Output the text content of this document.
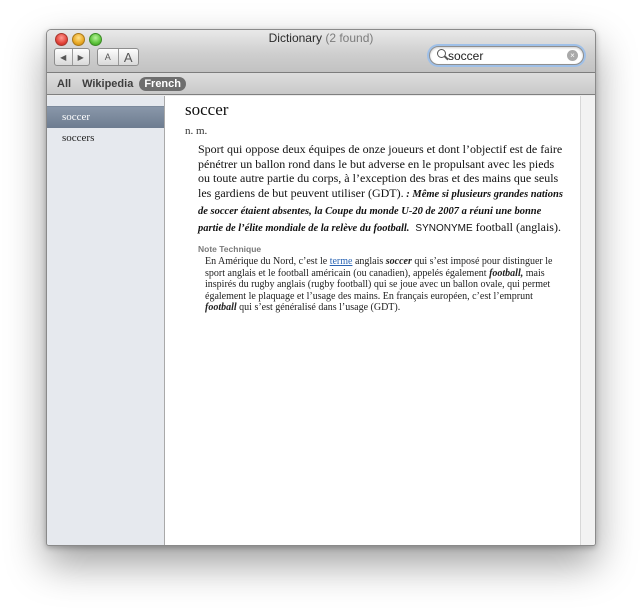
Dictionary (2 found)
◀	▶	A	A
soccer	×
All	Wikipedia	French
soccer
soccers
soccer
n. m.
Sport qui oppose deux équipes de onze joueurs et dont l’objectif est de faire pénétrer un ballon rond dans le but adverse en le propulsant avec les pieds ou toute autre partie du corps, à l’exception des bras et des mains que seuls les gardiens de but peuvent utiliser (GDT). : Même si plusieurs grandes nations de soccer étaient absentes, la Coupe du monde U-20 de 2007 a réuni une bonne partie de l’élite mondiale de la relève du football. SYNONYME football (anglais).
Note Technique
En Amérique du Nord, c’est le terme anglais soccer qui s’est imposé pour distinguer le sport anglais et le football américain (ou canadien), appelés également football, mais inspirés du rugby anglais (rugby football) qui se joue avec un ballon ovale, qui permet également le plaquage et l’usage des mains. En français européen, c’est l’emprunt football qui s’est généralisé dans l’usage (GDT).
